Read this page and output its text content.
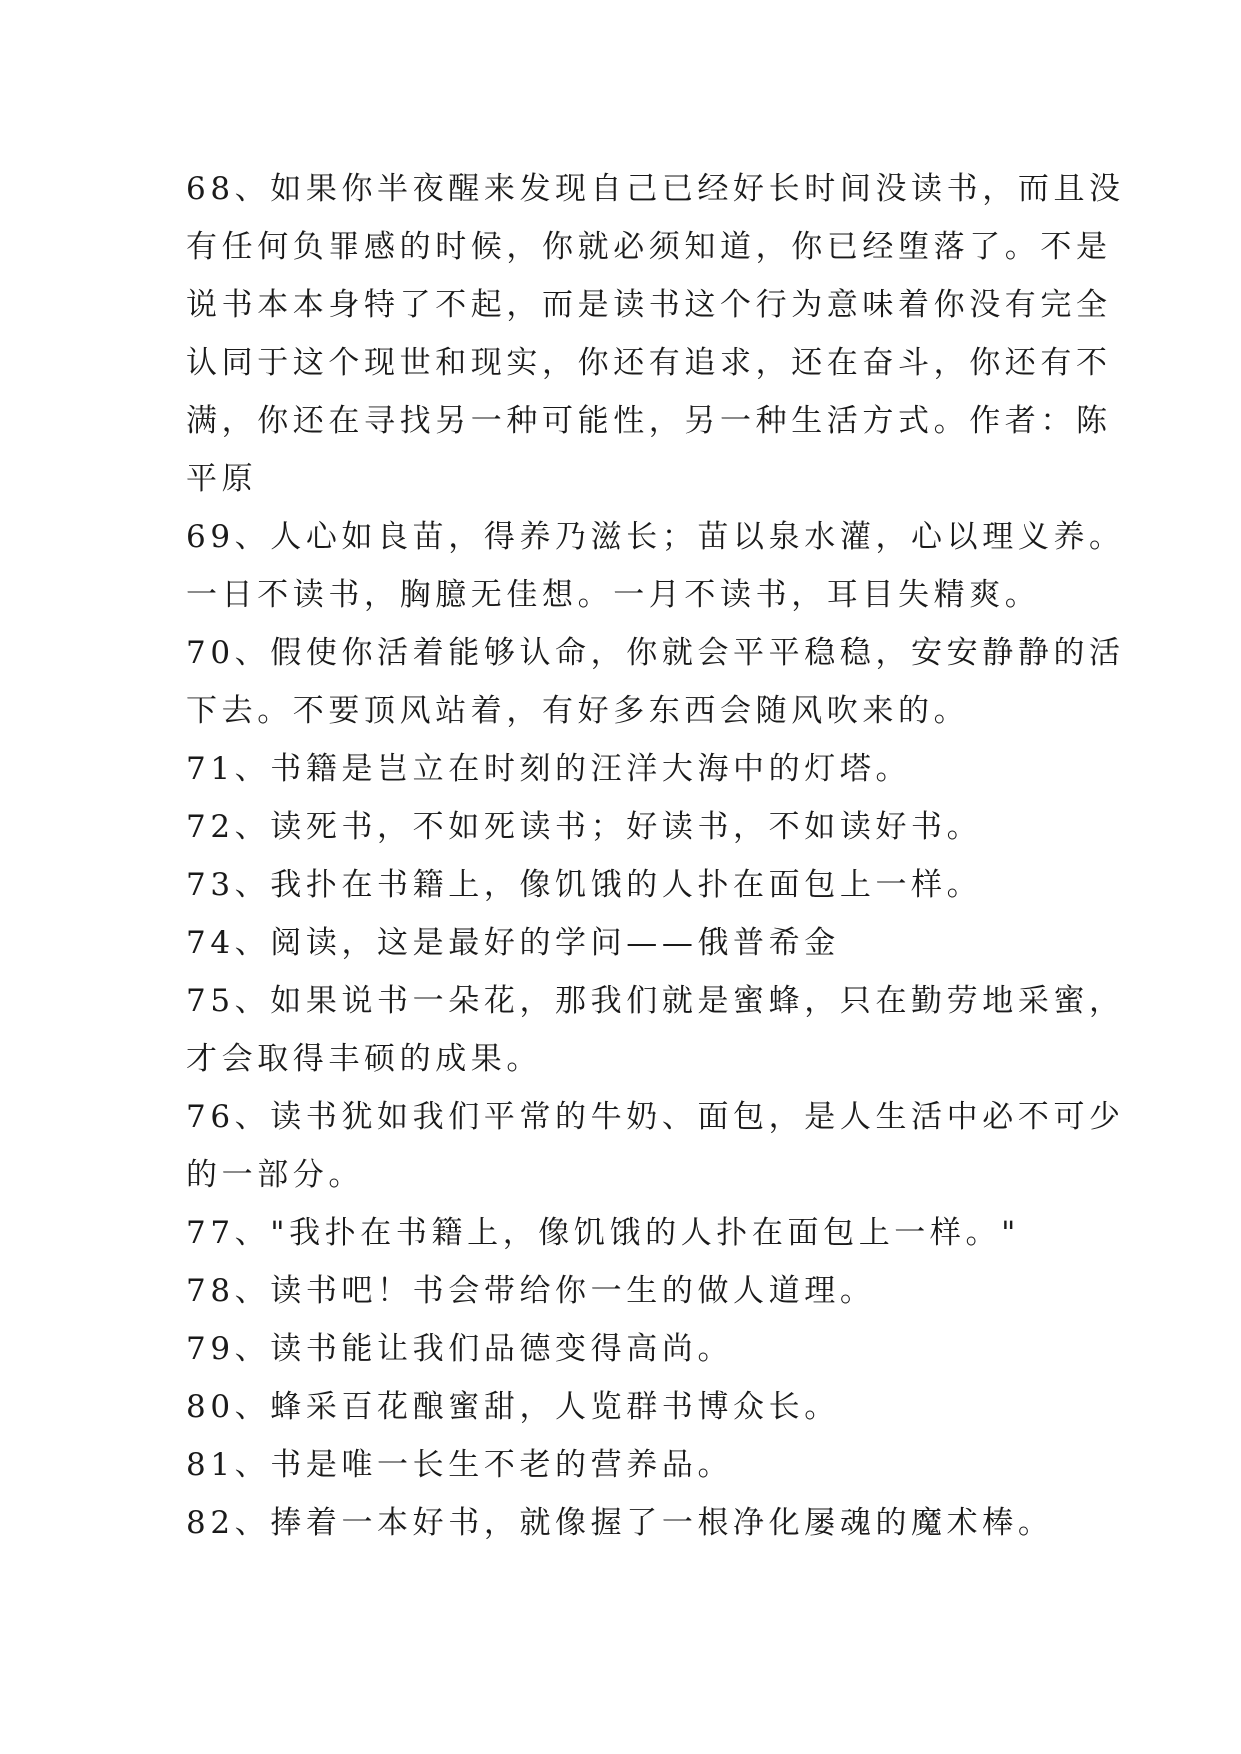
68、如果你半夜醒来发现自己已经好长时间没读书，而且没
有任何负罪感的时候，你就必须知道，你已经堕落了。不是
说书本本身特了不起，而是读书这个行为意味着你没有完全
认同于这个现世和现实，你还有追求，还在奋斗，你还有不
满，你还在寻找另一种可能性，另一种生活方式。作者：陈
平原
69、人心如良苗，得养乃滋长；苗以泉水灌，心以理义养。
一日不读书，胸臆无佳想。一月不读书，耳目失精爽。
70、假使你活着能够认命，你就会平平稳稳，安安静静的活
下去。不要顶风站着，有好多东西会随风吹来的。
71、书籍是岂立在时刻的汪洋大海中的灯塔。
72、读死书，不如死读书；好读书，不如读好书。
73、我扑在书籍上，像饥饿的人扑在面包上一样。
74、阅读，这是最好的学问——俄普希金
75、如果说书一朵花，那我们就是蜜蜂，只在勤劳地采蜜，
才会取得丰硕的成果。
76、读书犹如我们平常的牛奶、面包，是人生活中必不可少
的一部分。
77、"我扑在书籍上，像饥饿的人扑在面包上一样。"
78、读书吧！书会带给你一生的做人道理。
79、读书能让我们品德变得高尚。
80、蜂采百花酿蜜甜，人览群书博众长。
81、书是唯一长生不老的营养品。
82、捧着一本好书，就像握了一根净化屡魂的魔术棒。
